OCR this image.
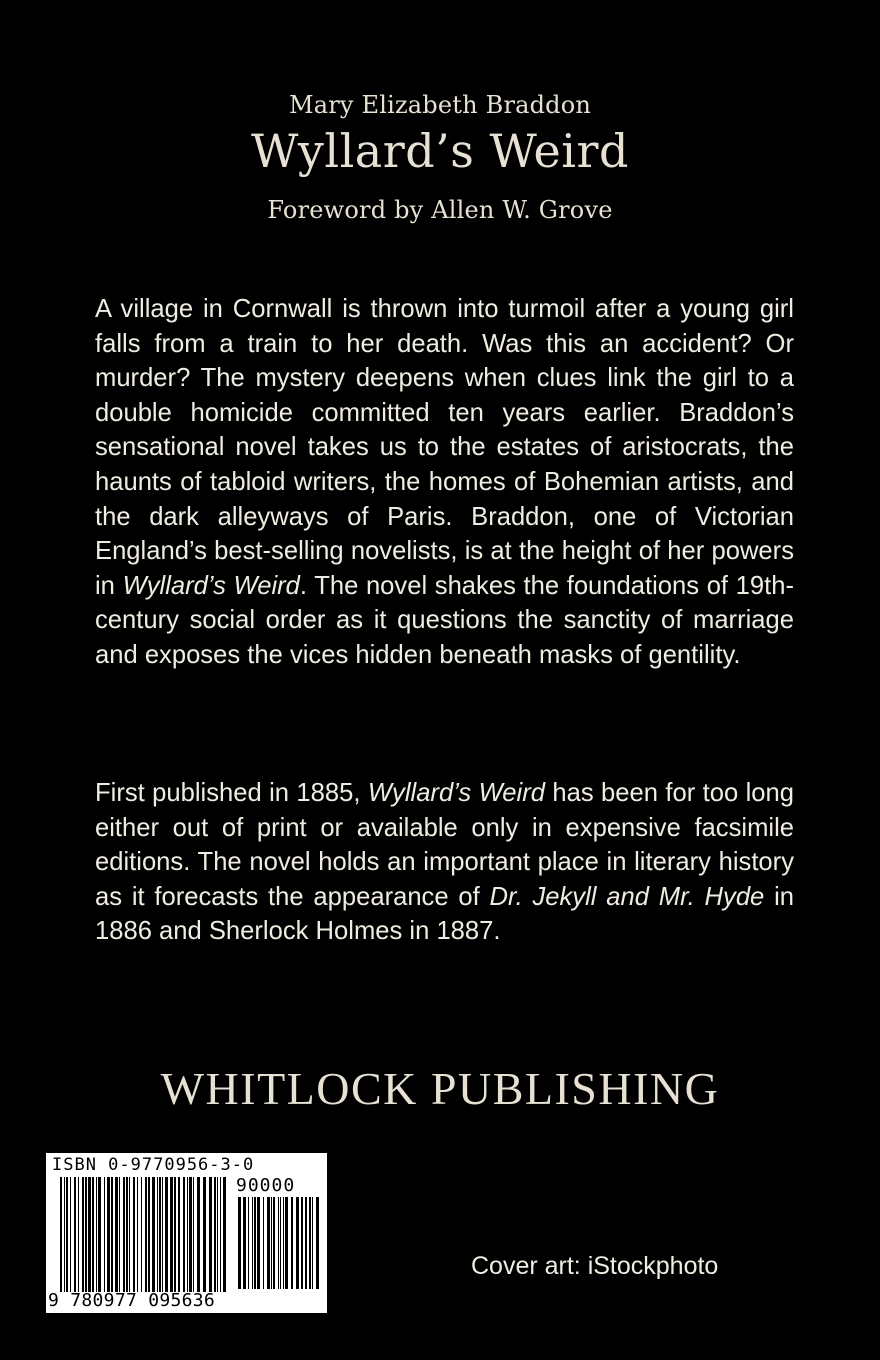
Mary Elizabeth Braddon
Wyllard’s Weird
Foreword by Allen W. Grove

A village in Cornwall is thrown into turmoil after a young girl falls from a train to her death. Was this an accident? Or murder? The mystery deepens when clues link the girl to a double homicide committed ten years earlier. Braddon’s sensational novel takes us to the estates of aristocrats, the haunts of tabloid writers, the homes of Bohemian artists, and the dark alleyways of Paris. Braddon, one of Victorian England’s best-selling novelists, is at the height of her powers in Wyllard’s Weird. The novel shakes the foundations of 19th-century social order as it questions the sanctity of marriage and exposes the vices hidden beneath masks of gentility.

First published in 1885, Wyllard’s Weird has been for too long either out of print or available only in expensive facsimile editions. The novel holds an important place in literary history as it forecasts the appearance of Dr. Jekyll and Mr. Hyde in 1886 and Sherlock Holmes in 1887.

WHITLOCK PUBLISHING
ISBN 0-9770956-3-0
90000
9 780977 095636
Cover art: iStockphoto
